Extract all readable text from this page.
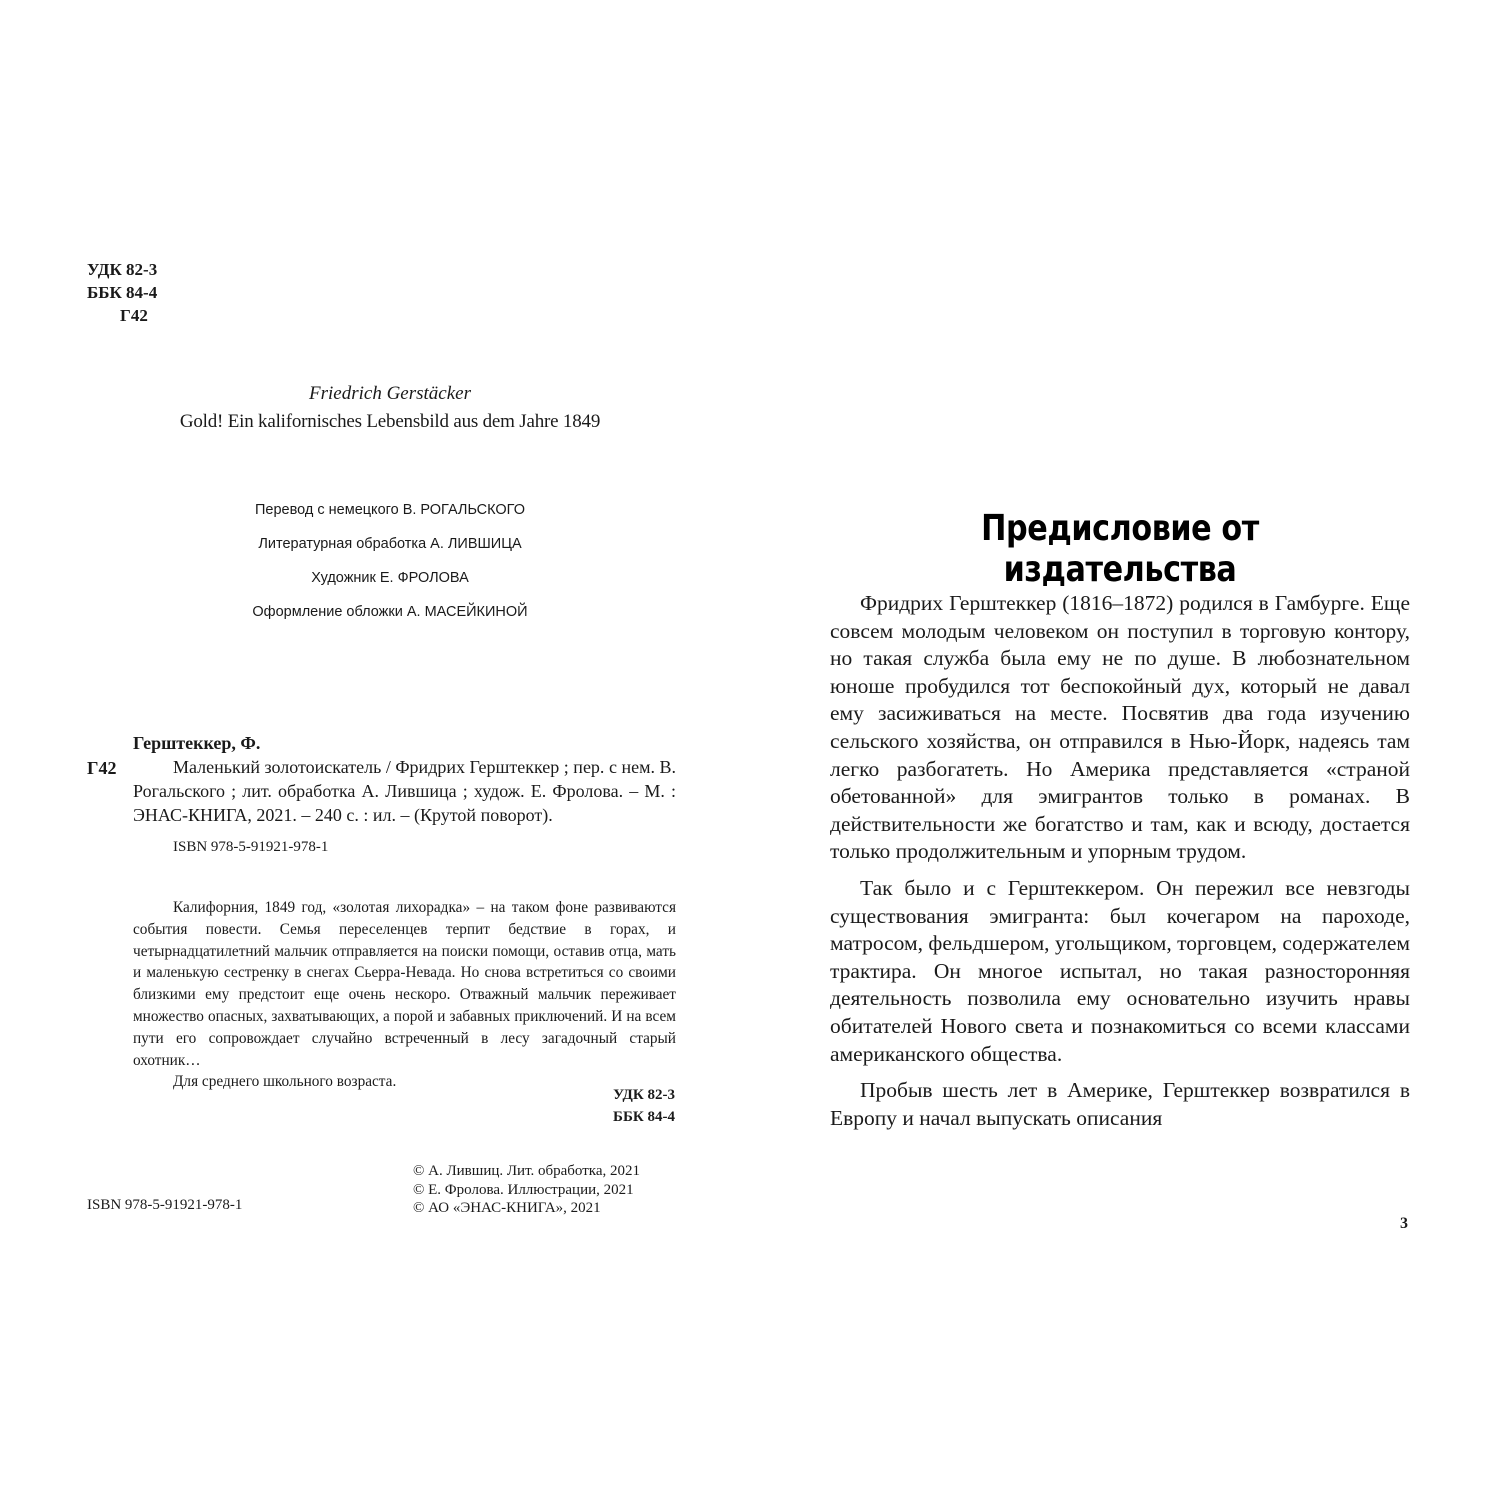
УДК 82-3
ББК 84-4
Г42
Friedrich Gerstäcker
Gold! Ein kalifornisches Lebensbild aus dem Jahre 1849
Перевод с немецкого В. РОГАЛЬСКОГО
Литературная обработка А. ЛИВШИЦА
Художник Е. ФРОЛОВА
Оформление обложки А. МАСЕЙКИНОЙ
Г42
Герштеккер, Ф.

Маленький золотоискатель / Фридрих Герштеккер ; пер. с нем. В. Рогальского ; лит. обработка А. Лившица ; худож. Е. Фролова. – М. : ЭНАС-КНИГА, 2021. – 240 с. : ил. – (Крутой поворот).

ISBN 978-5-91921-978-1

Калифорния, 1849 год, «золотая лихорадка» – на таком фоне развиваются события повести. Семья переселенцев терпит бедствие в горах, и четырнадцатилетний мальчик отправляется на поиски помощи, оставив отца, мать и маленькую сестренку в снегах Сьерра-Невада. Но снова встретиться со своими близкими ему предстоит еще очень нескоро. Отважный мальчик переживает множество опасных, захватывающих, а порой и забавных приключений. И на всем пути его сопровождает случайно встреченный в лесу загадочный старый охотник…

Для среднего школьного возраста.

УДК 82-3
ББК 84-4
ISBN 978-5-91921-978-1
© А. Лившиц. Лит. обработка, 2021
© Е. Фролова. Иллюстрации, 2021
© АО «ЭНАС-КНИГА», 2021
Предисловие от издательства

Фридрих Герштеккер (1816–1872) родился в Гамбурге. Еще совсем молодым человеком он поступил в торговую контору, но такая служба была ему не по душе. В любознательном юноше пробудился тот беспокойный дух, который не давал ему засиживаться на месте. Посвятив два года изучению сельского хозяйства, он отправился в Нью-Йорк, надеясь там легко разбогатеть. Но Америка представляется «страной обетованной» для эмигрантов только в романах. В действительности же богатство и там, как и всюду, достается только продолжительным и упорным трудом.

Так было и с Герштеккером. Он пережил все невзгоды существования эмигранта: был кочегаром на пароходе, матросом, фельдшером, угольщиком, торговцем, содержателем трактира. Он многое испытал, но такая разносторонняя деятельность позволила ему основательно изучить нравы обитателей Нового света и познакомиться со всеми классами американского общества.

Пробыв шесть лет в Америке, Герштеккер возвратился в Европу и начал выпускать описания

3
